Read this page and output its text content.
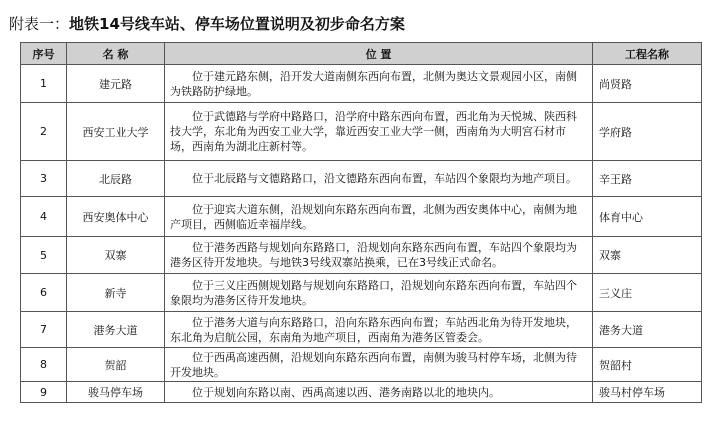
附表一：地铁14号线车站、停车场位置说明及初步命名方案
序号	名 称	位 置	工程名称
1	建元路	位于建元路东侧，沿开发大道南侧东西向布置，北侧为奥达文景观园小区，南侧为铁路防护绿地。	尚贤路
2	西安工业大学	位于武德路与学府中路路口，沿学府中路东西向布置，西北角为天悦城、陕西科技大学，东北角为西安工业大学，靠近西安工业大学一侧，西南角为大明宫石材市场，西南角为湖北庄新村等。	学府路
3	北辰路	位于北辰路与文德路路口，沿文德路东西向布置，车站四个象限均为地产项目。	辛王路
4	西安奥体中心	位于迎宾大道东侧，沿规划向东路东西向布置，北侧为西安奥体中心，南侧为地产项目，西侧临近幸福岸线。	体育中心
5	双寨	位于港务西路与规划向东路路口，沿规划向东路东西向布置，车站四个象限均为港务区待开发地块。与地铁3号线双寨站换乘，已在3号线正式命名。	双寨
6	新寺	位于三义庄西侧规划路与规划向东路路口，沿规划向东路东西向布置，车站四个象限均为港务区待开发地块。	三义庄
7	港务大道	位于港务大道与向东路路口，沿向东路东西向布置；车站西北角为待开发地块，东北角为启航公园，东南角为地产项目，西南角为港务区管委会。	港务大道
8	贺韶	位于西禹高速西侧，沿规划向东路东西向布置，南侧为骏马村停车场，北侧为待开发地块。	贺韶村
9	骏马停车场	位于规划向东路以南、西禹高速以西、港务南路以北的地块内。	骏马村停车场
